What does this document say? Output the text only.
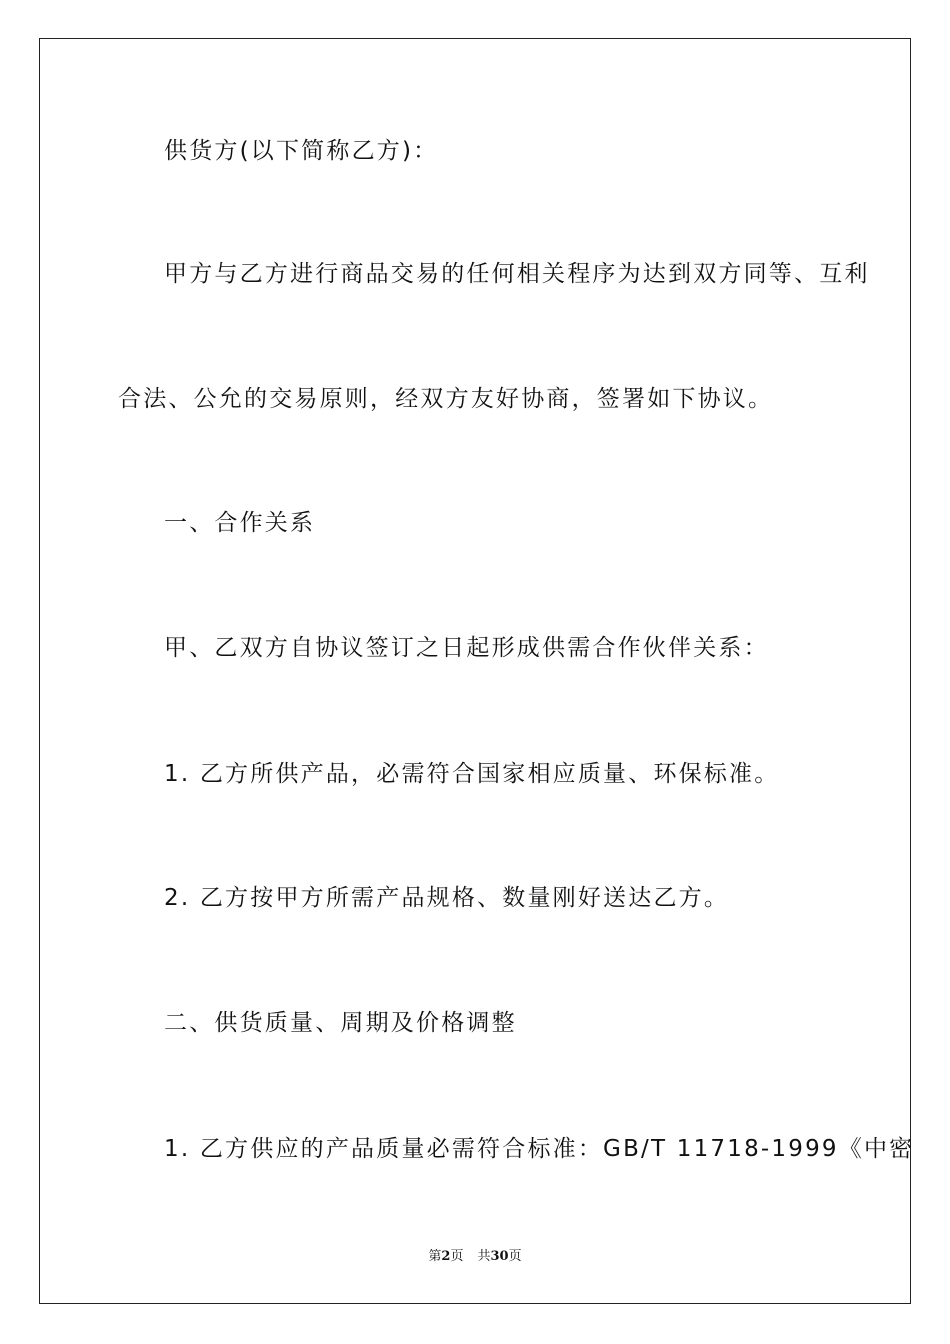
供货方(以下简称乙方)：

甲方与乙方进行商品交易的任何相关程序为达到双方同等、互利

合法、公允的交易原则，经双方友好协商，签署如下协议。

一、合作关系

甲、乙双方自协议签订之日起形成供需合作伙伴关系：

1. 乙方所供产品，必需符合国家相应质量、环保标准。

2. 乙方按甲方所需产品规格、数量刚好送达乙方。

二、供货质量、周期及价格调整

1. 乙方供应的产品质量必需符合标准：GB/T 11718-1999《中密

第2页 共30页
